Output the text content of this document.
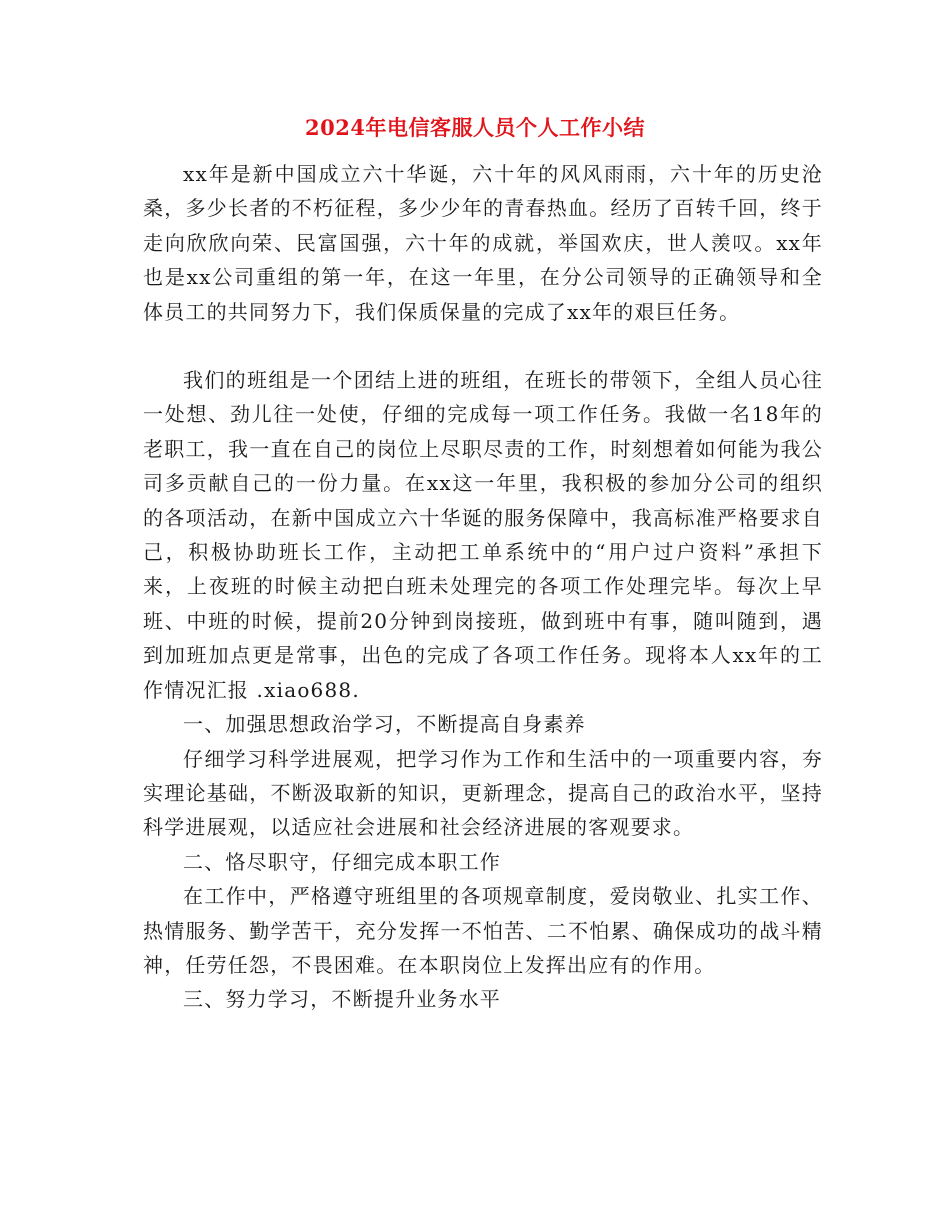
2024年电信客服人员个人工作小结

xx年是新中国成立六十华诞，六十年的风风雨雨，六十年的历史沧桑，多少长者的不朽征程，多少少年的青春热血。经历了百转千回，终于走向欣欣向荣、民富国强，六十年的成就，举国欢庆，世人羡叹。xx年也是xx公司重组的第一年，在这一年里，在分公司领导的正确领导和全体员工的共同努力下，我们保质保量的完成了xx年的艰巨任务。

我们的班组是一个团结上进的班组，在班长的带领下，全组人员心往一处想、劲儿往一处使，仔细的完成每一项工作任务。我做一名18年的老职工，我一直在自己的岗位上尽职尽责的工作，时刻想着如何能为我公司多贡献自己的一份力量。在xx这一年里，我积极的参加分公司的组织的各项活动，在新中国成立六十华诞的服务保障中，我高标准严格要求自己，积极协助班长工作，主动把工单系统中的“用户过户资料”承担下来，上夜班的时候主动把白班未处理完的各项工作处理完毕。每次上早班、中班的时候，提前20分钟到岗接班，做到班中有事，随叫随到，遇到加班加点更是常事，出色的完成了各项工作任务。现将本人xx年的工作情况汇报 .xiao688.

一、加强思想政治学习，不断提高自身素养

仔细学习科学进展观，把学习作为工作和生活中的一项重要内容，夯实理论基础，不断汲取新的知识，更新理念，提高自己的政治水平，坚持科学进展观，以适应社会进展和社会经济进展的客观要求。

二、恪尽职守，仔细完成本职工作

在工作中，严格遵守班组里的各项规章制度，爱岗敬业、扎实工作、热情服务、勤学苦干，充分发挥一不怕苦、二不怕累、确保成功的战斗精神，任劳任怨，不畏困难。在本职岗位上发挥出应有的作用。

三、努力学习，不断提升业务水平
